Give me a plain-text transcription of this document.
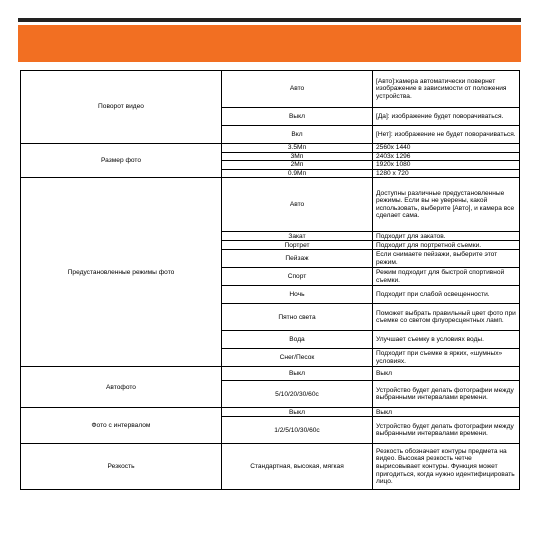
Поворот видео	Авто	[Авто]:камера автоматически повернет изображение в зависимости от положения устройства.
	Выкл	[Да]: изображение будет поворачиваться.
	Вкл	[Нет]: изображение не будет поворачиваться.
Размер фото	3.5Мп	2560x 1440
	3Мп	2403x 1296
	2Мп	1920x 1080
	0.9Мп	1280 x 720
Предустановленные режимы фото	Авто	Доступны различные предустановленные режимы. Если вы не уверены, какой использовать, выберите [Авто], и камера все сделает сама.
	Закат	Подходит для закатов.
	Портрет	Подходит для портретной съемки.
	Пейзаж	Если снимаете пейзажи, выберите этот режим.
	Спорт	Режим подходит для быстрой спортивной съемки.
	Ночь	Подходит при слабой освещенности.
	Пятно света	Поможет выбрать правильный цвет фото при съемке со светом флуоресцентных ламп.
	Вода	Улучшает съемку в условиях воды.
	Снег/Песок	Подходит при съемке в ярких, «шумных» условиях.
Автофото	Выкл	Выкл
	5/10/20/30/60с	Устройство будет делать фотографии между выбранными интервалами времени.
Фото с интервалом	Выкл	Выкл
	1/2/5/10/30/60с	Устройство будет делать фотографии между выбранными интервалами времени.
Резкость	Стандартная, высокая, мягкая	Резкость обозначает контуры предмета на видео. Высокая резкость четче вырисовывает контуры. Функция может пригодиться, когда нужно идентифицировать лицо.
